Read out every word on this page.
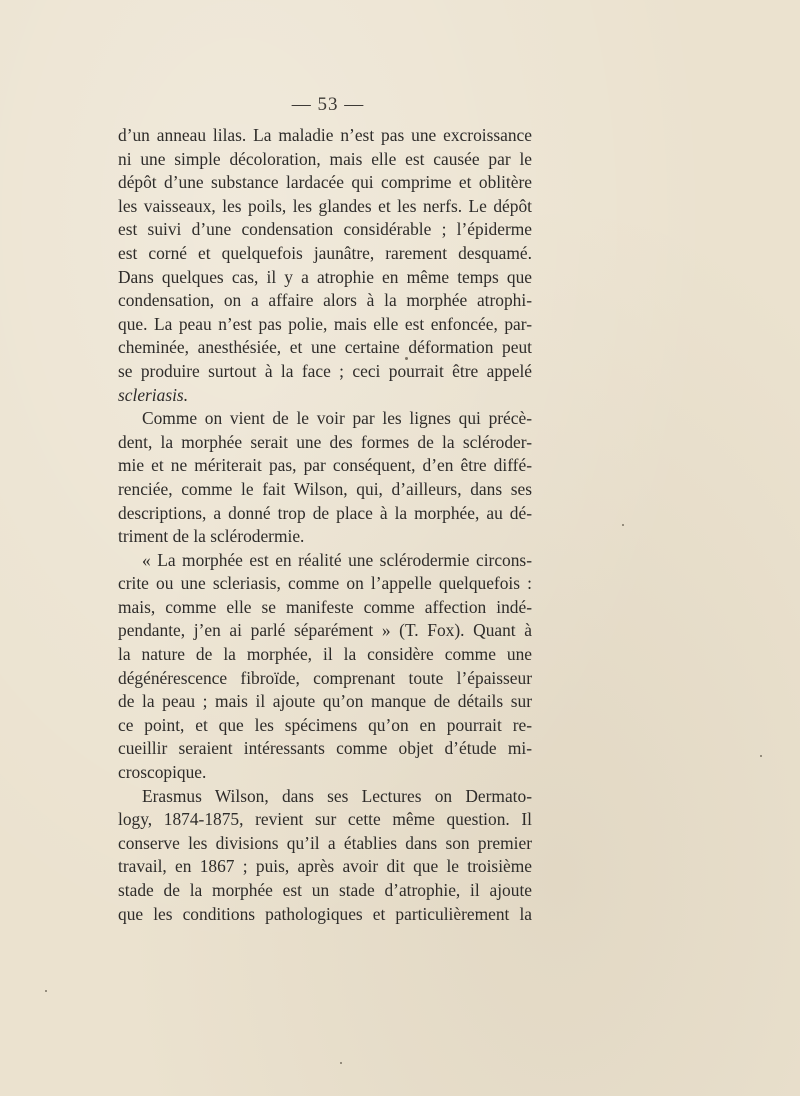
— 53 —
d’un anneau lilas. La maladie n’est pas une excroissance
ni une simple décoloration, mais elle est causée par le
dépôt d’une substance lardacée qui comprime et oblitère
les vaisseaux, les poils, les glandes et les nerfs. Le dépôt
est suivi d’une condensation considérable ; l’épiderme
est corné et quelquefois jaunâtre, rarement desquamé.
Dans quelques cas, il y a atrophie en même temps que
condensation, on a affaire alors à la morphée atrophi-
que. La peau n’est pas polie, mais elle est enfoncée, par-
cheminée, anesthésiée, et une certaine déformation peut
se produire surtout à la face ; ceci pourrait être appelé
scleriasis.
Comme on vient de le voir par les lignes qui précè-
dent, la morphée serait une des formes de la scléroder-
mie et ne mériterait pas, par conséquent, d’en être diffé-
renciée, comme le fait Wilson, qui, d’ailleurs, dans ses
descriptions, a donné trop de place à la morphée, au dé-
triment de la sclérodermie.
« La morphée est en réalité une sclérodermie circons-
crite ou une scleriasis, comme on l’appelle quelquefois :
mais, comme elle se manifeste comme affection indé-
pendante, j’en ai parlé séparément » (T. Fox). Quant à
la nature de la morphée, il la considère comme une
dégénérescence fibroïde, comprenant toute l’épaisseur
de la peau ; mais il ajoute qu’on manque de détails sur
ce point, et que les spécimens qu’on en pourrait re-
cueillir seraient intéressants comme objet d’étude mi-
croscopique.
Erasmus Wilson, dans ses Lectures on Dermato-
logy, 1874-1875, revient sur cette même question. Il
conserve les divisions qu’il a établies dans son premier
travail, en 1867 ; puis, après avoir dit que le troisième
stade de la morphée est un stade d’atrophie, il ajoute
que les conditions pathologiques et particulièrement la
